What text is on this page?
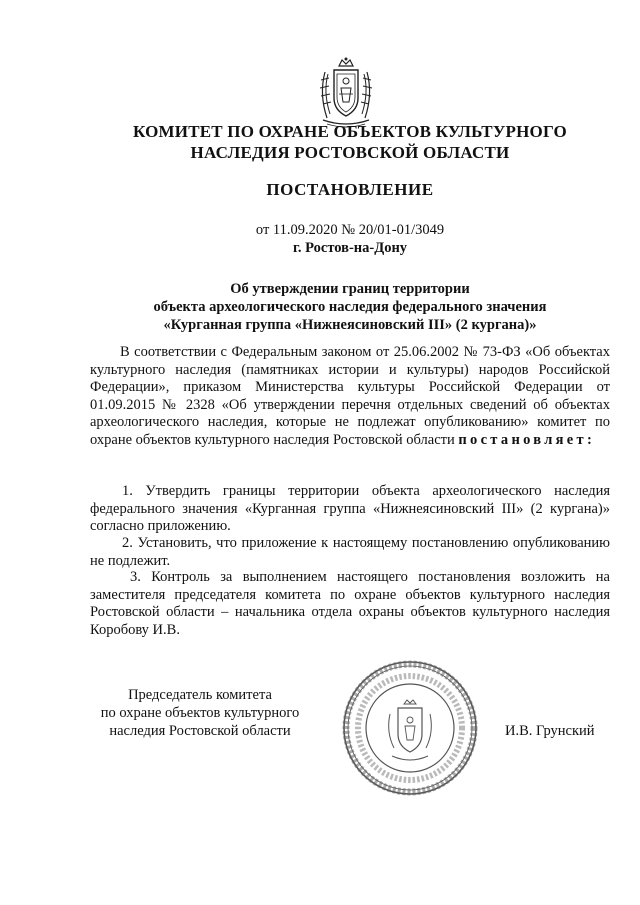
КОМИТЕТ ПО ОХРАНЕ ОБЪЕКТОВ КУЛЬТУРНОГО
НАСЛЕДИЯ РОСТОВСКОЙ ОБЛАСТИ
ПОСТАНОВЛЕНИЕ
от 11.09.2020 № 20/01-01/3049
г. Ростов-на-Дону
Об утверждении границ территории
объекта археологического наследия федерального значения
«Курганная группа «Нижнеясиновский III» (2 кургана)»
В соответствии с Федеральным законом от 25.06.2002 № 73-ФЗ «Об объектах культурного наследия (памятниках истории и культуры) народов Российской Федерации», приказом Министерства культуры Российской Федерации от 01.09.2015 № 2328 «Об утверждении перечня отдельных сведений об объектах археологического наследия, которые не подлежат опубликованию» комитет по охране объектов культурного наследия Ростовской области постановляет:
1. Утвердить границы территории объекта археологического наследия федерального значения «Курганная группа «Нижнеясиновский III» (2 кургана)» согласно приложению.
2. Установить, что приложение к настоящему постановлению опубликованию не подлежит.
3. Контроль за выполнением настоящего постановления возложить на заместителя председателя комитета по охране объектов культурного наследия Ростовской области – начальника отдела охраны объектов культурного наследия Коробову И.В.
Председатель комитета
по охране объектов культурного
наследия Ростовской области	И.В. Грунский
